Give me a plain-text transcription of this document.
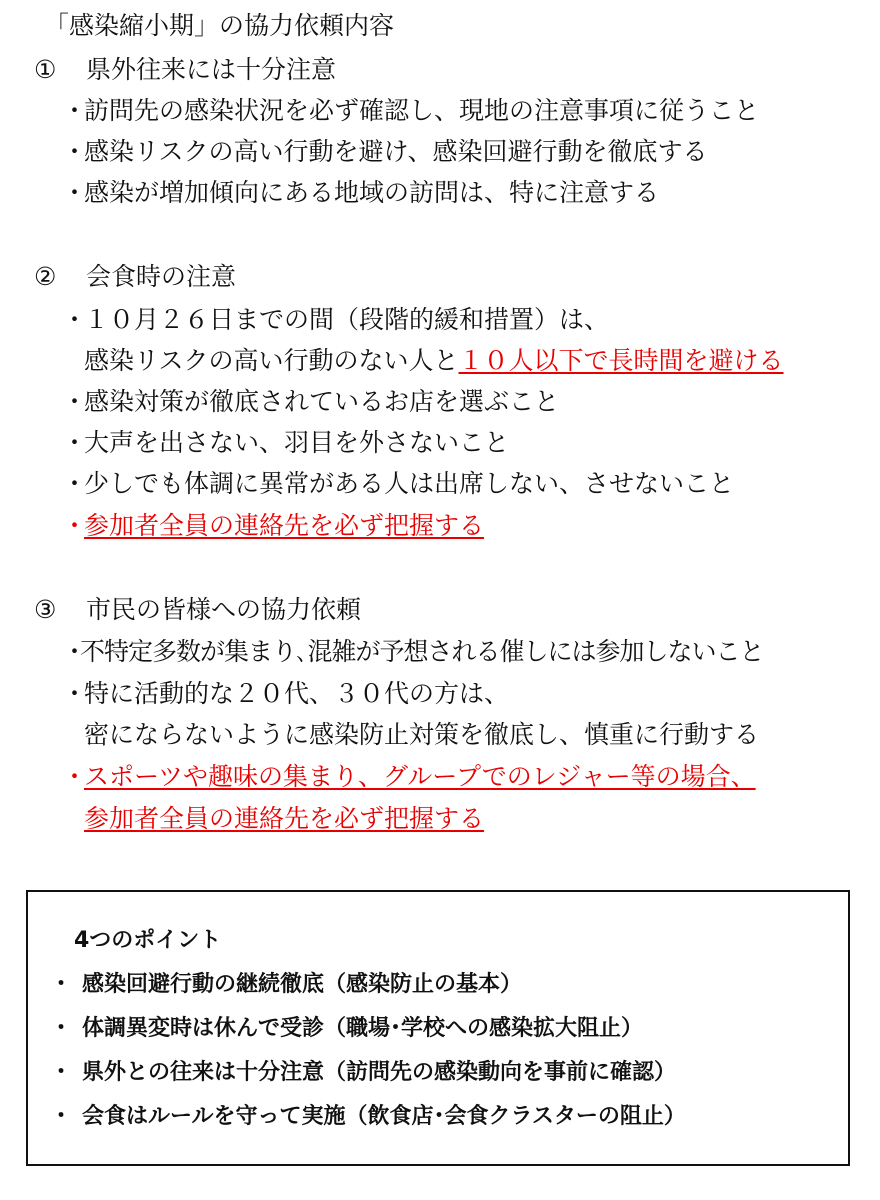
「感染縮小期」の協力依頼内容
① 県外往来には十分注意
・訪問先の感染状況を必ず確認し、現地の注意事項に従うこと
・感染リスクの高い行動を避け、感染回避行動を徹底する
・感染が増加傾向にある地域の訪問は、特に注意する
② 会食時の注意
・１０月２６日までの間（段階的緩和措置）は、
感染リスクの高い行動のない人と１０人以下で長時間を避ける
・感染対策が徹底されているお店を選ぶこと
・大声を出さない、羽目を外さないこと
・少しでも体調に異常がある人は出席しない、させないこと
・参加者全員の連絡先を必ず把握する
③ 市民の皆様への協力依頼
・不特定多数が集まり､混雑が予想される催しには参加しないこと
・特に活動的な２０代、３０代の方は、
密にならないように感染防止対策を徹底し、慎重に行動する
・スポーツや趣味の集まり、グループでのレジャー等の場合、
参加者全員の連絡先を必ず把握する
4つのポイント
・ 感染回避行動の継続徹底（感染防止の基本）
・ 体調異変時は休んで受診（職場･学校への感染拡大阻止）
・ 県外との往来は十分注意（訪問先の感染動向を事前に確認）
・ 会食はルールを守って実施（飲食店･会食クラスターの阻止）
